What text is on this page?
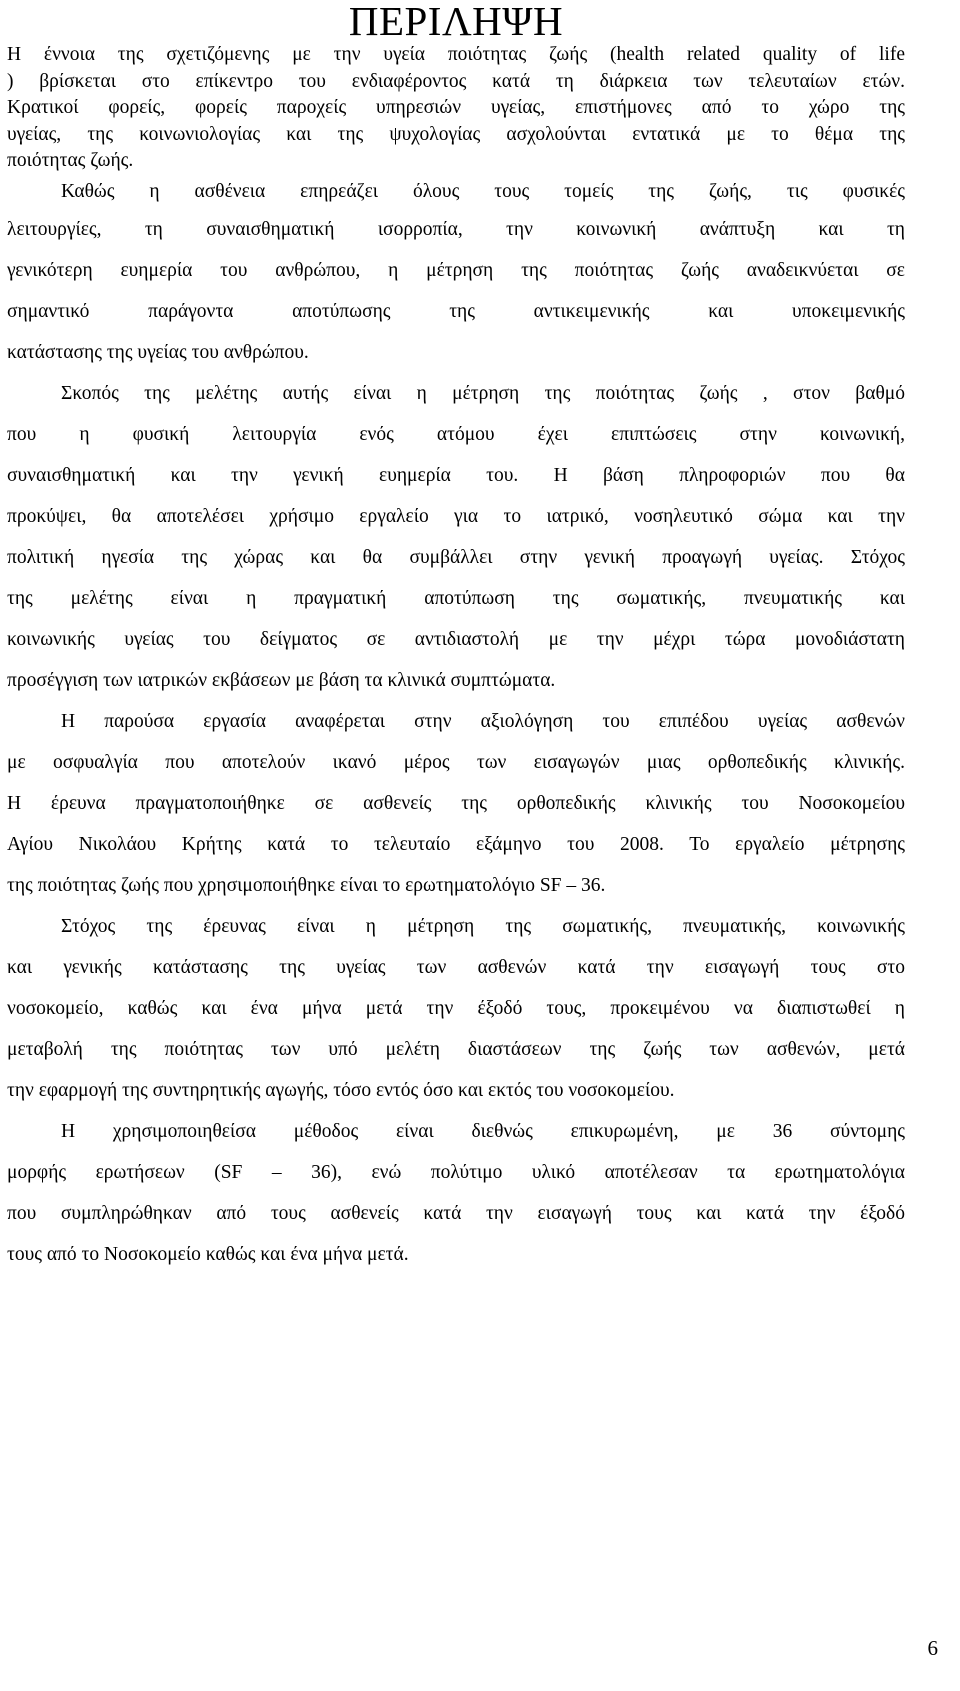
ΠΕΡΙΛΗΨΗ
Η έννοια της σχετιζόμενης με την υγεία ποιότητας ζωής (health related quality of life
) βρίσκεται στο επίκεντρο του ενδιαφέροντος κατά τη διάρκεια των τελευταίων ετών.
Κρατικοί φορείς, φορείς παροχείς υπηρεσιών υγείας, επιστήμονες από το χώρο της
υγείας, της κοινωνιολογίας και της ψυχολογίας ασχολούνται εντατικά με το θέμα της
ποιότητας ζωής.
Καθώς η ασθένεια επηρεάζει όλους τους τομείς της ζωής, τις φυσικές
λειτουργίες, τη συναισθηματική ισορροπία, την κοινωνική ανάπτυξη και τη
γενικότερη ευημερία του ανθρώπου, η μέτρηση της ποιότητας ζωής αναδεικνύεται σε
σημαντικό παράγοντα αποτύπωσης της αντικειμενικής και υποκειμενικής
κατάστασης της υγείας του ανθρώπου.
Σκοπός της μελέτης αυτής είναι η μέτρηση της ποιότητας ζωής , στον βαθμό
που η φυσική λειτουργία ενός ατόμου έχει επιπτώσεις στην κοινωνική,
συναισθηματική και την γενική ευημερία του. Η βάση πληροφοριών που θα
προκύψει, θα αποτελέσει χρήσιμο εργαλείο για το ιατρικό, νοσηλευτικό σώμα και την
πολιτική ηγεσία της χώρας και θα συμβάλλει στην γενική προαγωγή υγείας. Στόχος
της μελέτης είναι η πραγματική αποτύπωση της σωματικής, πνευματικής και
κοινωνικής υγείας του δείγματος σε αντιδιαστολή με την μέχρι τώρα μονοδιάστατη
προσέγγιση των ιατρικών εκβάσεων με βάση τα κλινικά συμπτώματα.
Η παρούσα εργασία αναφέρεται στην αξιολόγηση του επιπέδου υγείας ασθενών
με οσφυαλγία που αποτελούν ικανό μέρος των εισαγωγών μιας ορθοπεδικής κλινικής.
Η έρευνα πραγματοποιήθηκε σε ασθενείς της ορθοπεδικής κλινικής του Νοσοκομείου
Αγίου Νικολάου Κρήτης κατά το τελευταίο εξάμηνο του 2008. Το εργαλείο μέτρησης
της ποιότητας ζωής που χρησιμοποιήθηκε είναι το ερωτηματολόγιο SF – 36.
Στόχος της έρευνας είναι η μέτρηση της σωματικής, πνευματικής, κοινωνικής
και γενικής κατάστασης της υγείας των ασθενών κατά την εισαγωγή τους στο
νοσοκομείο, καθώς και ένα μήνα μετά την έξοδό τους, προκειμένου να διαπιστωθεί η
μεταβολή της ποιότητας των υπό μελέτη διαστάσεων της ζωής των ασθενών, μετά
την εφαρμογή της συντηρητικής αγωγής, τόσο εντός όσο και εκτός του νοσοκομείου.
Η χρησιμοποιηθείσα μέθοδος είναι διεθνώς επικυρωμένη, με 36 σύντομης
μορφής ερωτήσεων (SF – 36), ενώ πολύτιμο υλικό αποτέλεσαν τα ερωτηματολόγια
που συμπληρώθηκαν από τους ασθενείς κατά την εισαγωγή τους και κατά την έξοδό
τους από το Νοσοκομείο καθώς και ένα μήνα μετά.
6
